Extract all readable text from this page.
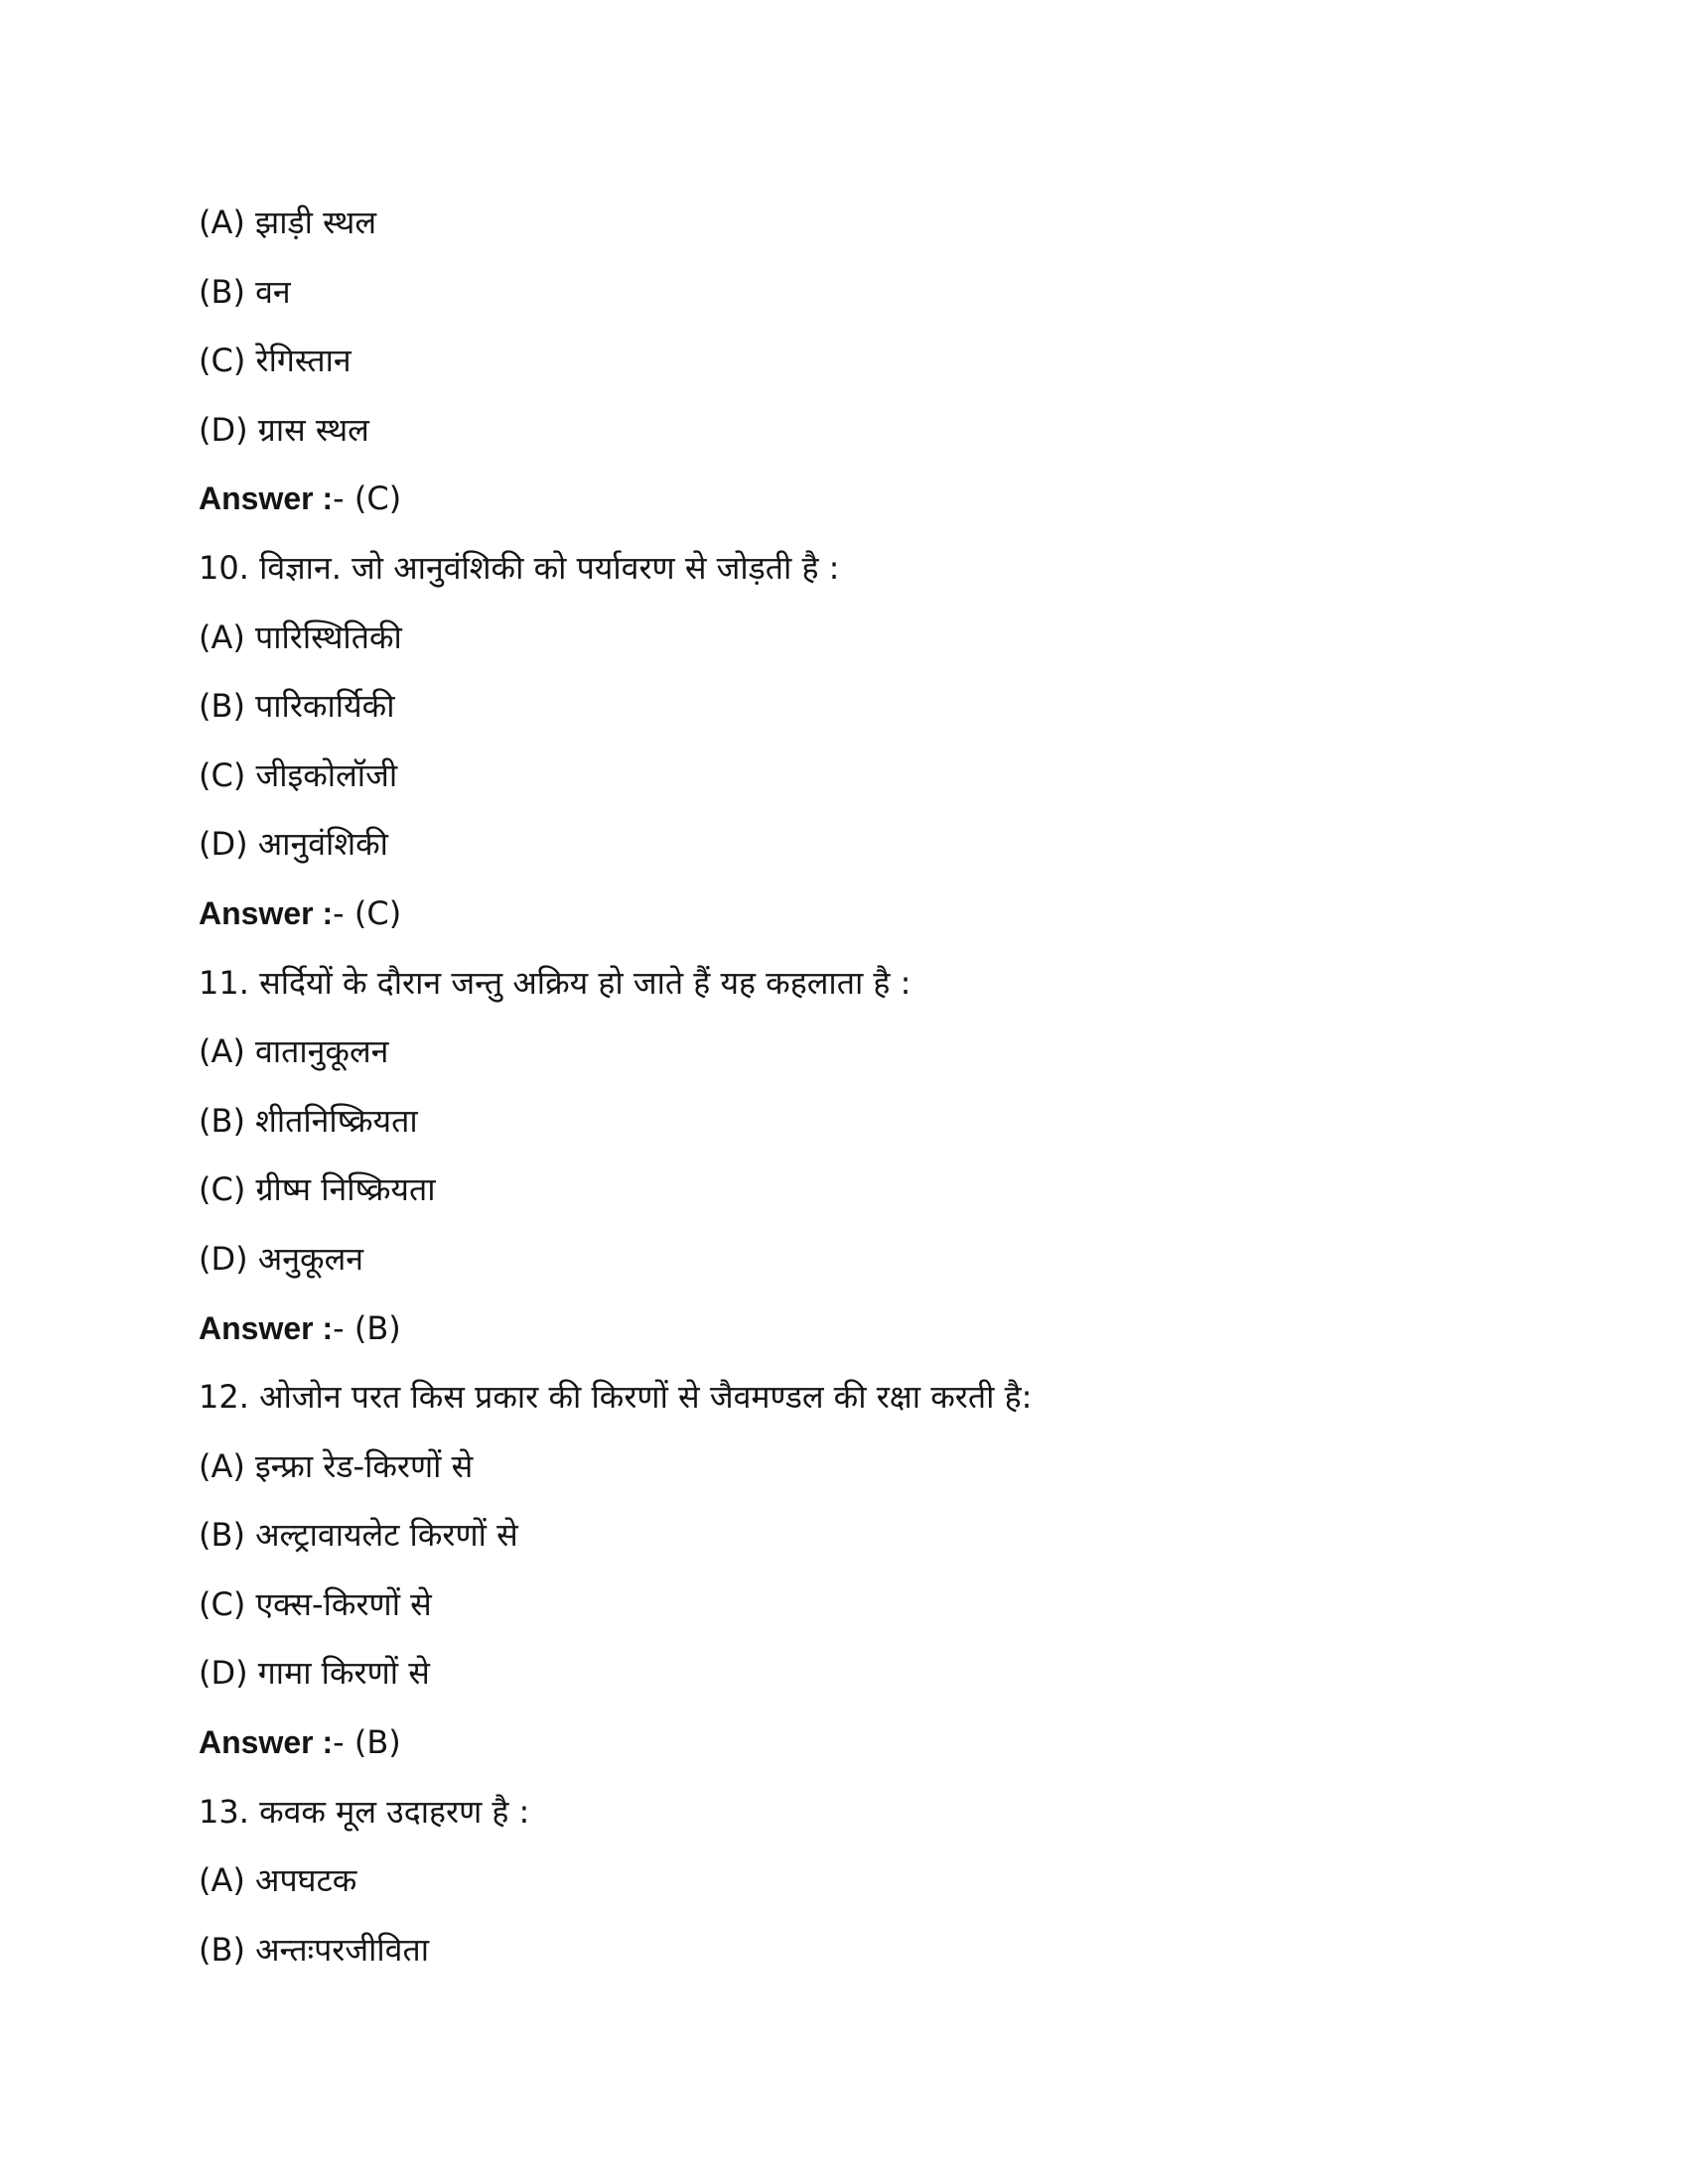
(A) झाड़ी स्थल
(B) वन
(C) रेगिस्तान
(D) ग्रास स्थल
Answer :- (C)
10. विज्ञान. जो आनुवंशिकी को पर्यावरण से जोड़ती है :
(A) पारिस्थितिकी
(B) पारिकार्यिकी
(C) जीइकोलॉजी
(D) आनुवंशिकी
Answer :- (C)
11. सर्दियों के दौरान जन्तु अक्रिय हो जाते हैं यह कहलाता है :
(A) वातानुकूलन
(B) शीतनिष्क्रियता
(C) ग्रीष्म निष्क्रियता
(D) अनुकूलन
Answer :- (B)
12. ओजोन परत किस प्रकार की किरणों से जैवमण्डल की रक्षा करती है:
(A) इन्फ्रा रेड-किरणों से
(B) अल्ट्रावायलेट किरणों से
(C) एक्स-किरणों से
(D) गामा किरणों से
Answer :- (B)
13. कवक मूल उदाहरण है :
(A) अपघटक
(B) अन्तःपरजीविता
